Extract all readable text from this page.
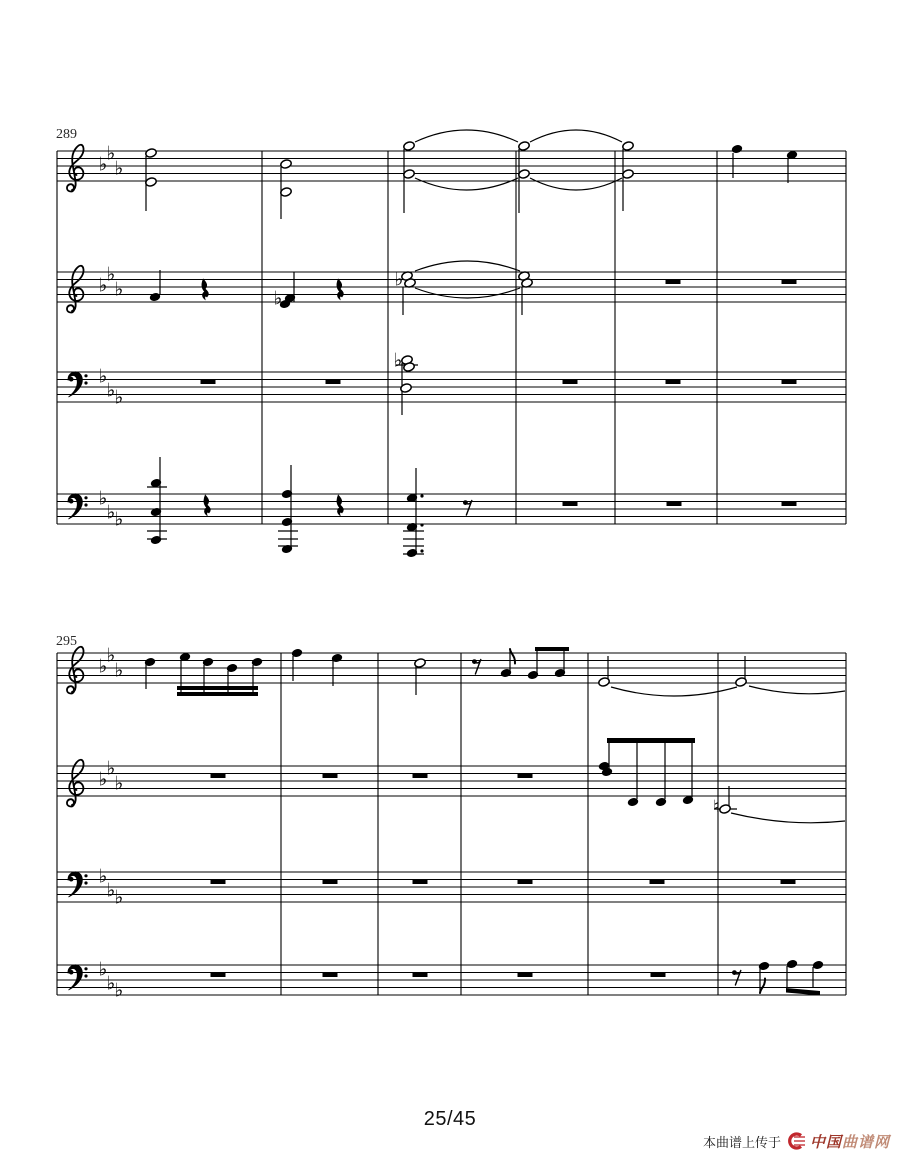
♭ ♭
♭
♭ ♭
♭
♭
♭ ♭
♭
♭ ♭
♭
♭
♭
♭ ♭
♭
♭ ♭
♭
♭
♭ ♭
♭
♭ ♭
♮
289
295
25/45
本曲谱上传于 中国曲谱网
